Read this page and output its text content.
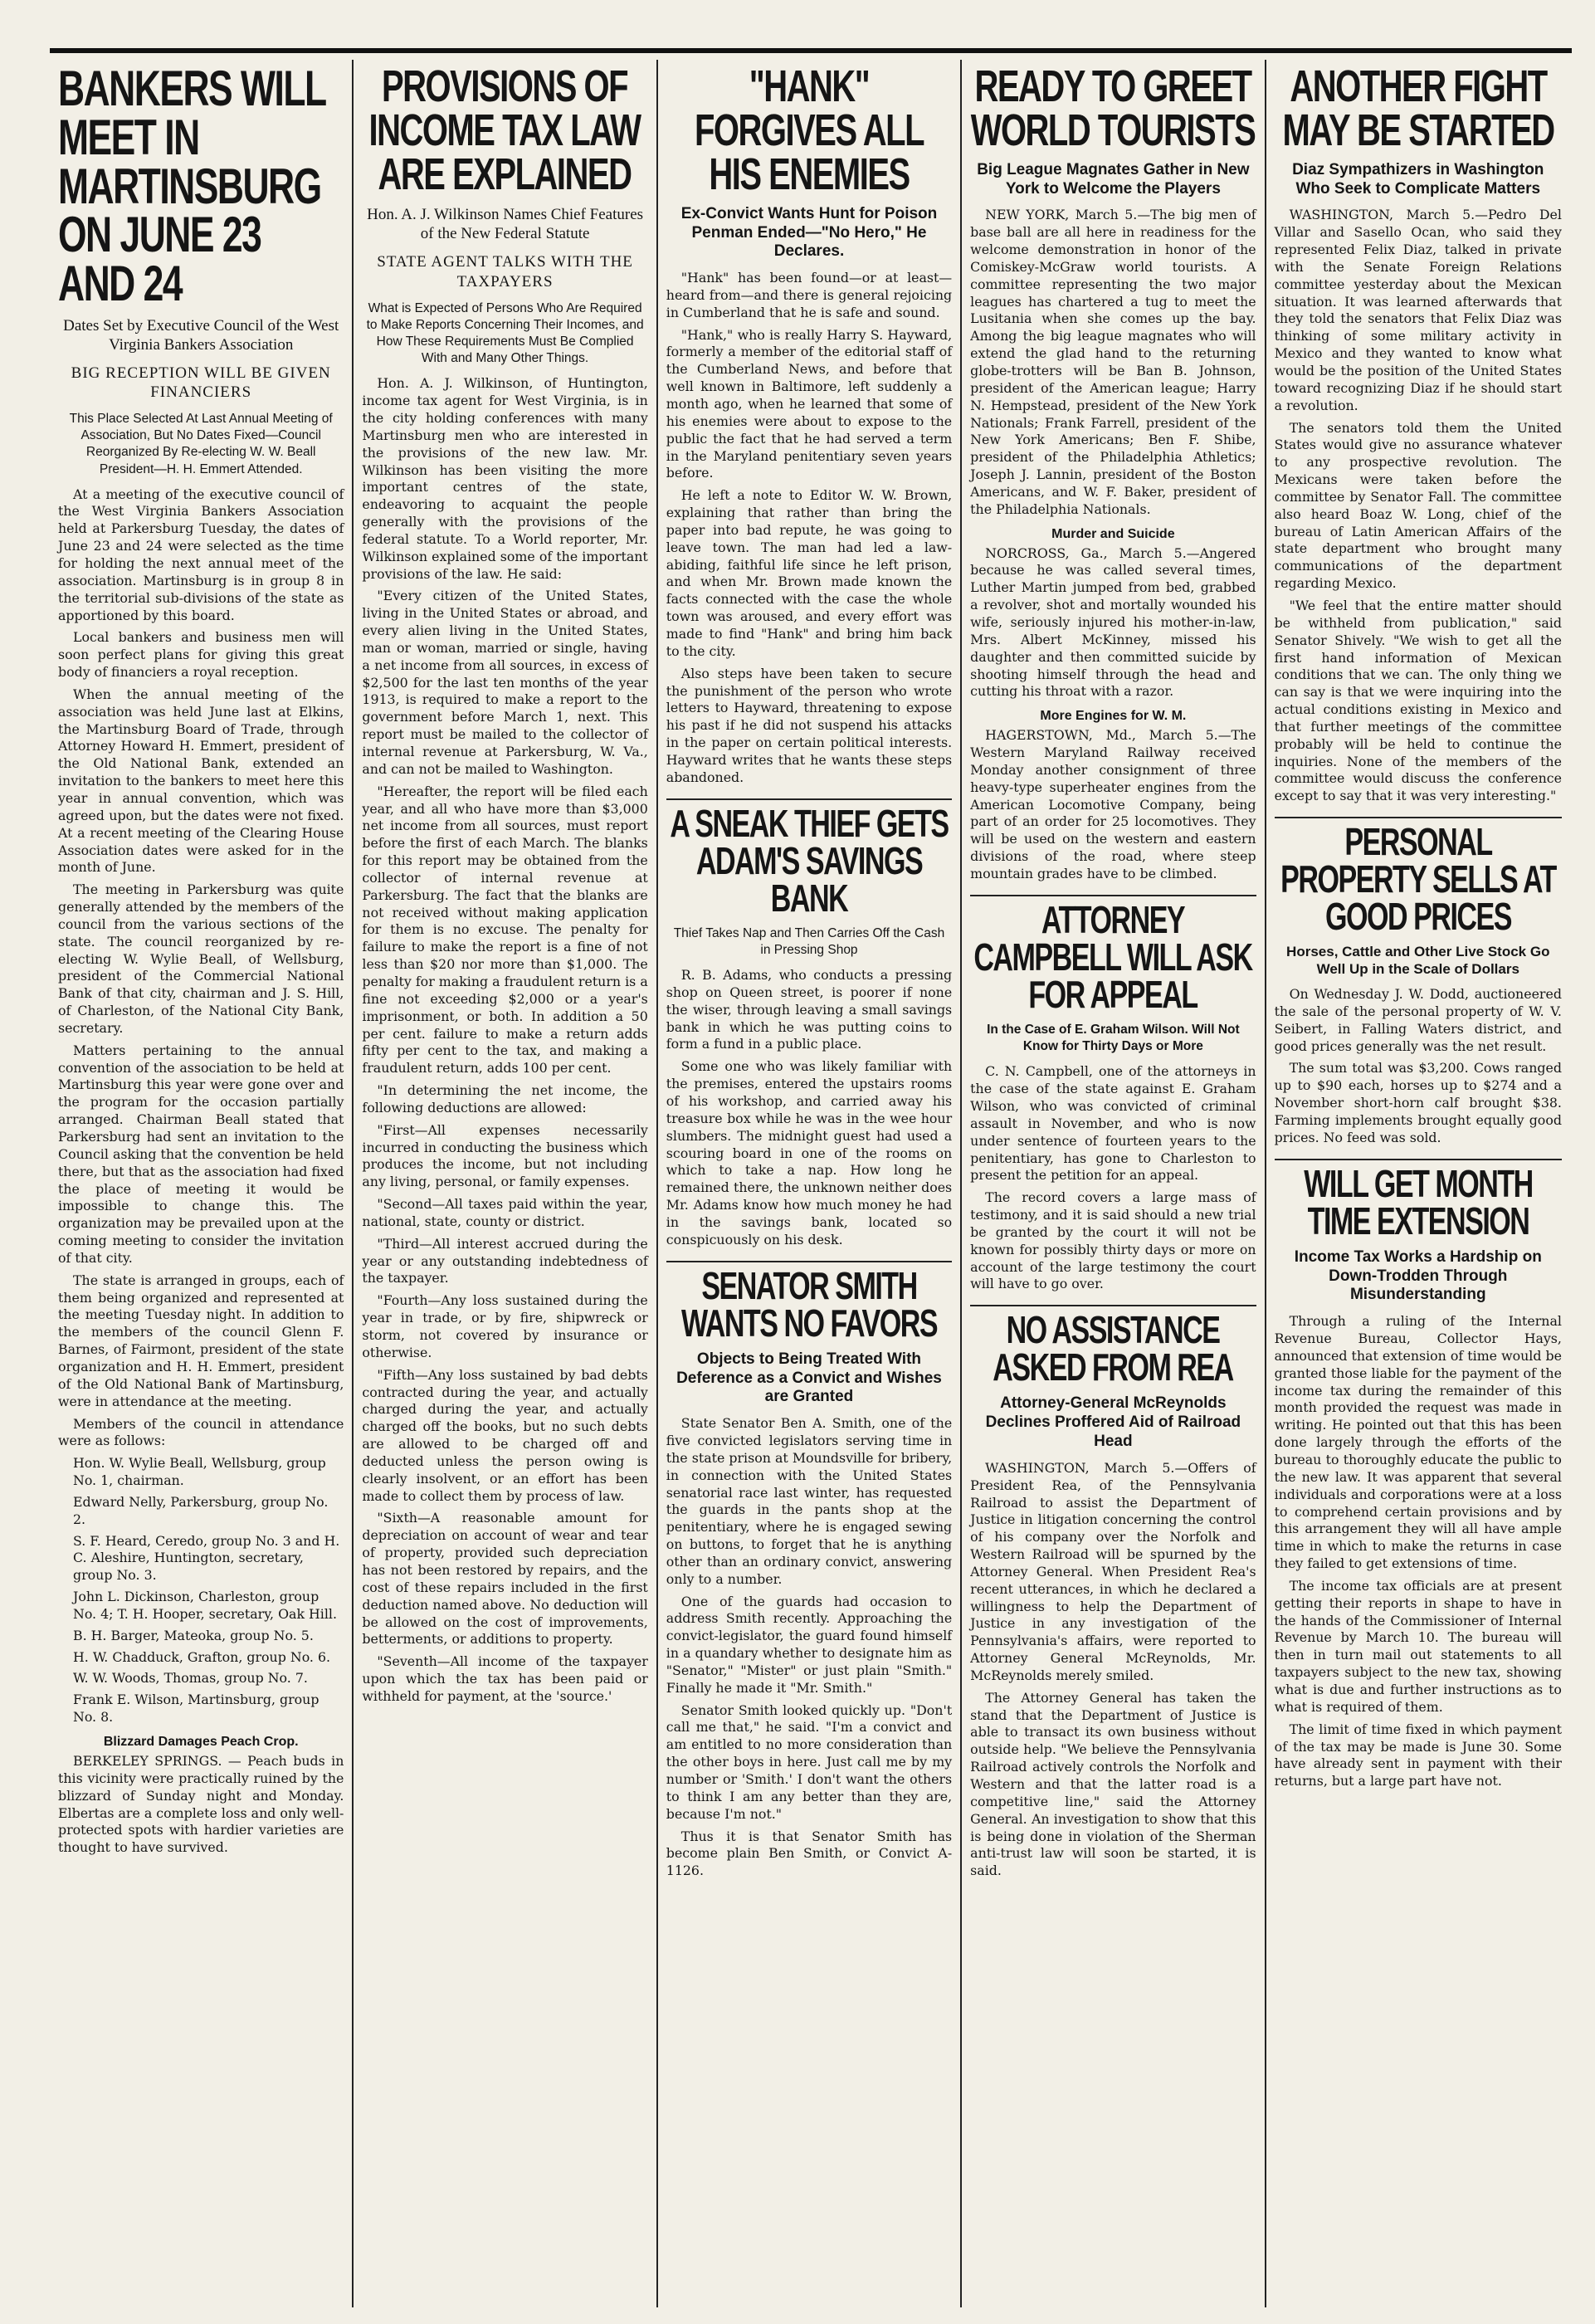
BANKERS WILL MEET IN MARTINSBURG ON JUNE 23 AND 24
Dates Set by Executive Council of the West Virginia Bankers Association
BIG RECEPTION WILL BE GIVEN FINANCIERS
This Place Selected At Last Annual Meeting of Association, But No Dates Fixed—Council Reorganized By Re-electing W. W. Beall President—H. H. Emmert Attended.

At a meeting of the executive council of the West Virginia Bankers Association held at Parkersburg Tuesday, the dates of June 23 and 24 were selected as the time for holding the next annual meet of the association. Martinsburg is in group 8 in the territorial sub-divisions of the state as apportioned by this board.

Local bankers and business men will soon perfect plans for giving this great body of financiers a royal reception.

When the annual meeting of the association was held June last at Elkins, the Martinsburg Board of Trade, through Attorney Howard H. Emmert, president of the Old National Bank, extended an invitation to the bankers to meet here this year in annual convention, which was agreed upon, but the dates were not fixed. At a recent meeting of the Clearing House Association dates were asked for in the month of June.

The meeting in Parkersburg was quite generally attended by the members of the council from the various sections of the state. The council reorganized by re-electing W. Wylie Beall, of Wellsburg, president of the Commercial National Bank of that city, chairman and J. S. Hill, of Charleston, of the National City Bank, secretary.

Matters pertaining to the annual convention of the association to be held at Martinsburg this year were gone over and the program for the occasion partially arranged. Chairman Beall stated that Parkersburg had sent an invitation to the Council asking that the convention be held there, but that as the association had fixed the place of meeting it would be impossible to change this. The organization may be prevailed upon at the coming meeting to consider the invitation of that city.

The state is arranged in groups, each of them being organized and represented at the meeting Tuesday night. In addition to the members of the council Glenn F. Barnes, of Fairmont, president of the state organization and H. H. Emmert, president of the Old National Bank of Martinsburg, were in attendance at the meeting.

Members of the council in attendance were as follows:

Hon. W. Wylie Beall, Wellsburg, group No. 1, chairman.

Edward Nelly, Parkersburg, group No. 2.

S. F. Heard, Ceredo, group No. 3 and H. C. Aleshire, Huntington, secretary, group No. 3.

John L. Dickinson, Charleston, group No. 4; T. H. Hooper, secretary, Oak Hill.

B. H. Barger, Mateoka, group No. 5.

H. W. Chadduck, Grafton, group No. 6.

W. W. Woods, Thomas, group No. 7.

Frank E. Wilson, Martinsburg, group No. 8.

Blizzard Damages Peach Crop.

BERKELEY SPRINGS. — Peach buds in this vicinity were practically ruined by the blizzard of Sunday night and Monday. Elbertas are a complete loss and only well-protected spots with hardier varieties are thought to have survived.

PROVISIONS OF INCOME TAX LAW ARE EXPLAINED
Hon. A. J. Wilkinson Names Chief Features of the New Federal Statute
STATE AGENT TALKS WITH THE TAXPAYERS
What is Expected of Persons Who Are Required to Make Reports Concerning Their Incomes, and How These Requirements Must Be Complied With and Many Other Things.

Hon. A. J. Wilkinson, of Huntington, income tax agent for West Virginia, is in the city holding conferences with many Martinsburg men who are interested in the provisions of the new law. Mr. Wilkinson has been visiting the more important centres of the state, endeavoring to acquaint the people generally with the provisions of the federal statute. To a World reporter, Mr. Wilkinson explained some of the important provisions of the law. He said:

"Every citizen of the United States, living in the United States or abroad, and every alien living in the United States, man or woman, married or single, having a net income from all sources, in excess of $2,500 for the last ten months of the year 1913, is required to make a report to the government before March 1, next. This report must be mailed to the collector of internal revenue at Parkersburg, W. Va., and can not be mailed to Washington.

"Hereafter, the report will be filed each year, and all who have more than $3,000 net income from all sources, must report before the first of each March. The blanks for this report may be obtained from the collector of internal revenue at Parkersburg. The fact that the blanks are not received without making application for them is no excuse. The penalty for failure to make the report is a fine of not less than $20 nor more than $1,000. The penalty for making a fraudulent return is a fine not exceeding $2,000 or a year's imprisonment, or both. In addition a 50 per cent. failure to make a return adds fifty per cent to the tax, and making a fraudulent return, adds 100 per cent.

"In determining the net income, the following deductions are allowed:

"First—All expenses necessarily incurred in conducting the business which produces the income, but not including any living, personal, or family expenses.

"Second—All taxes paid within the year, national, state, county or district.

"Third—All interest accrued during the year or any outstanding indebtedness of the taxpayer.

"Fourth—Any loss sustained during the year in trade, or by fire, shipwreck or storm, not covered by insurance or otherwise.

"Fifth—Any loss sustained by bad debts contracted during the year, and actually charged during the year, and actually charged off the books, but no such debts are allowed to be charged off and deducted unless the person owing is clearly insolvent, or an effort has been made to collect them by process of law.

"Sixth—A reasonable amount for depreciation on account of wear and tear of property, provided such depreciation has not been restored by repairs, and the cost of these repairs included in the first deduction named above. No deduction will be allowed on the cost of improvements, betterments, or additions to property.

"Seventh—All income of the taxpayer upon which the tax has been paid or withheld for payment, at the 'source.'

"HANK" FORGIVES ALL HIS ENEMIES
Ex-Convict Wants Hunt for Poison Penman Ended—"No Hero," He Declares.

"Hank" has been found—or at least—heard from—and there is general rejoicing in Cumberland that he is safe and sound.

"Hank," who is really Harry S. Hayward, formerly a member of the editorial staff of the Cumberland News, and before that well known in Baltimore, left suddenly a month ago, when he learned that some of his enemies were about to expose to the public the fact that he had served a term in the Maryland penitentiary seven years before.

He left a note to Editor W. W. Brown, explaining that rather than bring the paper into bad repute, he was going to leave town. The man had led a law-abiding, faithful life since he left prison, and when Mr. Brown made known the facts connected with the case the whole town was aroused, and every effort was made to find "Hank" and bring him back to the city.

Also steps have been taken to secure the punishment of the person who wrote letters to Hayward, threatening to expose his past if he did not suspend his attacks in the paper on certain political interests. Hayward writes that he wants these steps abandoned.

A SNEAK THIEF GETS ADAM'S SAVINGS BANK
Thief Takes Nap and Then Carries Off the Cash in Pressing Shop

R. B. Adams, who conducts a pressing shop on Queen street, is poorer if none the wiser, through leaving a small savings bank in which he was putting coins to form a fund in a public place.

Some one who was likely familiar with the premises, entered the upstairs rooms of his workshop, and carried away his treasure box while he was in the wee hour slumbers. The midnight guest had used a scouring board in one of the rooms on which to take a nap. How long he remained there, the unknown neither does Mr. Adams know how much money he had in the savings bank, located so conspicuously on his desk.

SENATOR SMITH WANTS NO FAVORS
Objects to Being Treated With Deference as a Convict and Wishes are Granted

State Senator Ben A. Smith, one of the five convicted legislators serving time in the state prison at Moundsville for bribery, in connection with the United States senatorial race last winter, has requested the guards in the pants shop at the penitentiary, where he is engaged sewing on buttons, to forget that he is anything other than an ordinary convict, answering only to a number.

One of the guards had occasion to address Smith recently. Approaching the convict-legislator, the guard found himself in a quandary whether to designate him as "Senator," "Mister" or just plain "Smith." Finally he made it "Mr. Smith."

Senator Smith looked quickly up. "Don't call me that," he said. "I'm a convict and am entitled to no more consideration than the other boys in here. Just call me by my number or 'Smith.' I don't want the others to think I am any better than they are, because I'm not."

Thus it is that Senator Smith has become plain Ben Smith, or Convict A-1126.

READY TO GREET WORLD TOURISTS
Big League Magnates Gather in New York to Welcome the Players

NEW YORK, March 5.—The big men of base ball are all here in readiness for the welcome demonstration in honor of the Comiskey-McGraw world tourists. A committee representing the two major leagues has chartered a tug to meet the Lusitania when she comes up the bay. Among the big league magnates who will extend the glad hand to the returning globe-trotters will be Ban B. Johnson, president of the American league; Harry N. Hempstead, president of the New York Nationals; Frank Farrell, president of the New York Americans; Ben F. Shibe, president of the Philadelphia Athletics; Joseph J. Lannin, president of the Boston Americans, and W. F. Baker, president of the Philadelphia Nationals.

Murder and Suicide

NORCROSS, Ga., March 5.—Angered because he was called several times, Luther Martin jumped from bed, grabbed a revolver, shot and mortally wounded his wife, seriously injured his mother-in-law, Mrs. Albert McKinney, missed his daughter and then committed suicide by shooting himself through the head and cutting his throat with a razor.

More Engines for W. M.

HAGERSTOWN, Md., March 5.—The Western Maryland Railway received Monday another consignment of three heavy-type superheater engines from the American Locomotive Company, being part of an order for 25 locomotives. They will be used on the western and eastern divisions of the road, where steep mountain grades have to be climbed.

ATTORNEY CAMPBELL WILL ASK FOR APPEAL
In the Case of E. Graham Wilson. Will Not Know for Thirty Days or More

C. N. Campbell, one of the attorneys in the case of the state against E. Graham Wilson, who was convicted of criminal assault in November, and who is now under sentence of fourteen years to the penitentiary, has gone to Charleston to present the petition for an appeal.

The record covers a large mass of testimony, and it is said should a new trial be granted by the court it will not be known for possibly thirty days or more on account of the large testimony the court will have to go over.

NO ASSISTANCE ASKED FROM REA
Attorney-General McReynolds Declines Proffered Aid of Railroad Head

WASHINGTON, March 5.—Offers of President Rea, of the Pennsylvania Railroad to assist the Department of Justice in litigation concerning the control of his company over the Norfolk and Western Railroad will be spurned by the Attorney General. When President Rea's recent utterances, in which he declared a willingness to help the Department of Justice in any investigation of the Pennsylvania's affairs, were reported to Attorney General McReynolds, Mr. McReynolds merely smiled.

The Attorney General has taken the stand that the Department of Justice is able to transact its own business without outside help. "We believe the Pennsylvania Railroad actively controls the Norfolk and Western and that the latter road is a competitive line," said the Attorney General. An investigation to show that this is being done in violation of the Sherman anti-trust law will soon be started, it is said.

ANOTHER FIGHT MAY BE STARTED
Diaz Sympathizers in Washington Who Seek to Complicate Matters

WASHINGTON, March 5.—Pedro Del Villar and Sasello Ocan, who said they represented Felix Diaz, talked in private with the Senate Foreign Relations committee yesterday about the Mexican situation. It was learned afterwards that they told the senators that Felix Diaz was thinking of some military activity in Mexico and they wanted to know what would be the position of the United States toward recognizing Diaz if he should start a revolution.

The senators told them the United States would give no assurance whatever to any prospective revolution. The Mexicans were taken before the committee by Senator Fall. The committee also heard Boaz W. Long, chief of the bureau of Latin American Affairs of the state department who brought many communications of the department regarding Mexico.

"We feel that the entire matter should be withheld from publication," said Senator Shively. "We wish to get all the first hand information of Mexican conditions that we can. The only thing we can say is that we were inquiring into the actual conditions existing in Mexico and that further meetings of the committee probably will be held to continue the inquiries. None of the members of the committee would discuss the conference except to say that it was very interesting."

PERSONAL PROPERTY SELLS AT GOOD PRICES
Horses, Cattle and Other Live Stock Go Well Up in the Scale of Dollars

On Wednesday J. W. Dodd, auctioneered the sale of the personal property of W. V. Seibert, in Falling Waters district, and good prices generally was the net result.

The sum total was $3,200. Cows ranged up to $90 each, horses up to $274 and a November short-horn calf brought $38. Farming implements brought equally good prices. No feed was sold.

WILL GET MONTH TIME EXTENSION
Income Tax Works a Hardship on Down-Trodden Through Misunderstanding

Through a ruling of the Internal Revenue Bureau, Collector Hays, announced that extension of time would be granted those liable for the payment of the income tax during the remainder of this month provided the request was made in writing. He pointed out that this has been done largely through the efforts of the bureau to thoroughly educate the public to the new law. It was apparent that several individuals and corporations were at a loss to comprehend certain provisions and by this arrangement they will all have ample time in which to make the returns in case they failed to get extensions of time.

The income tax officials are at present getting their reports in shape to have in the hands of the Commissioner of Internal Revenue by March 10. The bureau will then in turn mail out statements to all taxpayers subject to the new tax, showing what is due and further instructions as to what is required of them.

The limit of time fixed in which payment of the tax may be made is June 30. Some have already sent in payment with their returns, but a large part have not.
